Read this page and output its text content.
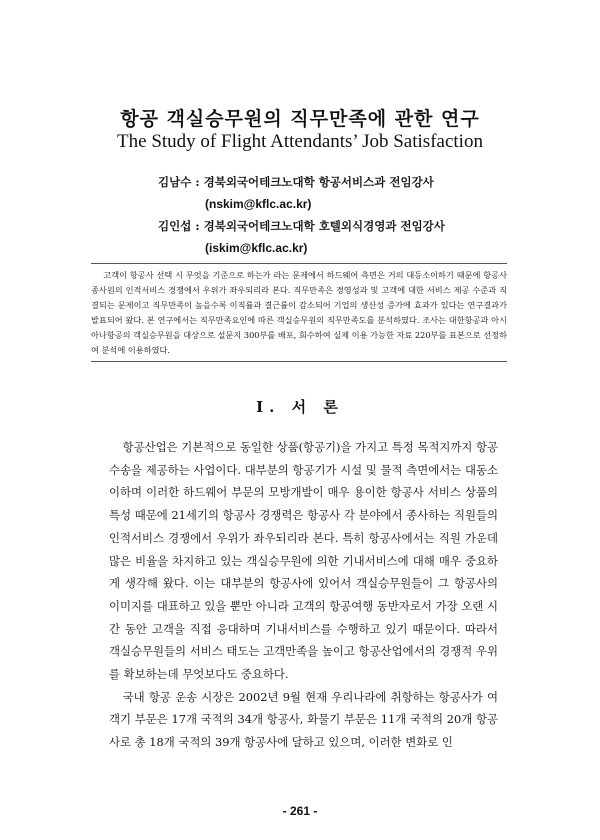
항공 객실승무원의 직무만족에 관한 연구
The Study of Flight Attendants’ Job Satisfaction
김남수 : 경북외국어테크노대학 항공서비스과 전임강사
(nskim@kflc.ac.kr)
김인섭 : 경북외국어테크노대학 호텔외식경영과 전임강사
(iskim@kflc.ac.kr)

고객이 항공사 선택 시 무엇을 기준으로 하는가 라는 문제에서 하드웨어 측면은 거의 대등소이하기 때문에 항공사 종사원의 인적서비스 경쟁에서 우위가 좌우되리라 본다. 직무만족은 경영성과 및 고객에 대한 서비스 제공 수준과 직결되는 문제이고 직무만족이 높을수록 이직률과 결근률이 감소되어 기업의 생산성 증가에 효과가 있다는 연구결과가 발표되어 왔다. 본 연구에서는 직무만족요인에 따른 객실승무원의 직무만족도를 분석하였다. 조사는 대한항공과 아시아나항공의 객실승무원을 대상으로 설문지 300부를 배포, 회수하여 실제 이용 가능한 자료 220부를 표본으로 선정하여 분석에 이용하였다.

Ⅰ. 서 론

항공산업은 기본적으로 동일한 상품(항공기)을 가지고 특정 목적지까지 항공수송을 제공하는 사업이다. 대부분의 항공기가 시설 및 물적 측면에서는 대동소이하며 이러한 하드웨어 부문의 모방개발이 매우 용이한 항공사 서비스 상품의 특성 때문에 21세기의 항공사 경쟁력은 항공사 각 분야에서 종사하는 직원들의 인적서비스 경쟁에서 우위가 좌우되리라 본다. 특히 항공사에서는 직원 가운데 많은 비율을 차지하고 있는 객실승무원에 의한 기내서비스에 대해 매우 중요하게 생각해 왔다. 이는 대부분의 항공사에 있어서 객실승무원들이 그 항공사의 이미지를 대표하고 있을 뿐만 아니라 고객의 항공여행 동반자로서 가장 오랜 시간 동안 고객을 직접 응대하며 기내서비스를 수행하고 있기 때문이다. 따라서 객실승무원들의 서비스 태도는 고객만족을 높이고 항공산업에서의 경쟁적 우위를 확보하는데 무엇보다도 중요하다.

국내 항공 운송 시장은 2002년 9월 현재 우리나라에 취항하는 항공사가 여객기 부문은 17개 국적의 34개 항공사, 화물기 부문은 11개 국적의 20개 항공사로 총 18개 국적의 39개 항공사에 달하고 있으며, 이러한 변화로 인

- 261 -
